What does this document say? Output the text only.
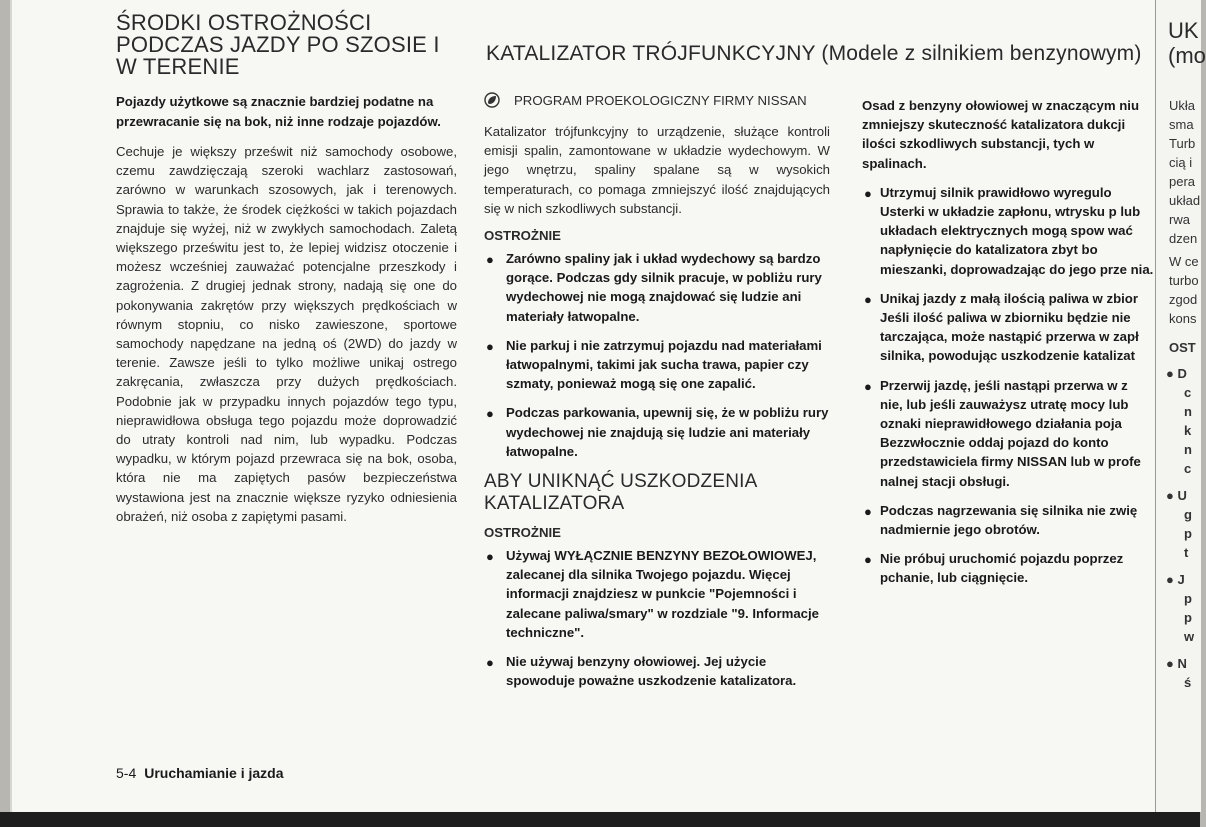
ŚRODKI OSTROŻNOŚCI PODCZAS JAZDY PO SZOSIE I W TERENIE

Pojazdy użytkowe są znacznie bardziej podatne na przewracanie się na bok, niż inne rodzaje pojazdów.

Cechuje je większy prześwit niż samochody osobowe, czemu zawdzięczają szeroki wachlarz zastosowań, zarówno w warunkach szosowych, jak i terenowych. Sprawia to także, że środek ciężkości w takich pojazdach znajduje się wyżej, niż w zwykłych samochodach. Zaletą większego prześwitu jest to, że lepiej widzisz otoczenie i możesz wcześniej zauważać potencjalne przeszkody i zagrożenia. Z drugiej jednak strony, nadają się one do pokonywania zakrętów przy większych prędkościach w równym stopniu, co nisko zawieszone, sportowe samochody napędzane na jedną oś (2WD) do jazdy w terenie. Zawsze jeśli to tylko możliwe unikaj ostrego zakręcania, zwłaszcza przy dużych prędkościach. Podobnie jak w przypadku innych pojazdów tego typu, nieprawidłowa obsługa tego pojazdu może doprowadzić do utraty kontroli nad nim, lub wypadku. Podczas wypadku, w którym pojazd przewraca się na bok, osoba, która nie ma zapiętych pasów bezpieczeństwa wystawiona jest na znacznie większe ryzyko odniesienia obrażeń, niż osoba z zapiętymi pasami.

KATALIZATOR TRÓJFUNKCYJNY (Modele z silnikiem benzynowym)
PROGRAM PROEKOLOGICZNY FIRMY NISSAN

Katalizator trójfunkcyjny to urządzenie, służące kontroli emisji spalin, zamontowane w układzie wydechowym. W jego wnętrzu, spaliny spalane są w wysokich temperaturach, co pomaga zmniejszyć ilość znajdujących się w nich szkodliwych substancji.

OSTROŻNIE
● Zarówno spaliny jak i układ wydechowy są bardzo gorące. Podczas gdy silnik pracuje, w pobliżu rury wydechowej nie mogą znajdować się ludzie ani materiały łatwopalne.
● Nie parkuj i nie zatrzymuj pojazdu nad materiałami łatwopalnymi, takimi jak sucha trawa, papier czy szmaty, ponieważ mogą się one zapalić.
● Podczas parkowania, upewnij się, że w pobliżu rury wydechowej nie znajdują się ludzie ani materiały łatwopalne.
ABY UNIKNĄĆ USZKODZENIA KATALIZATORA
OSTROŻNIE
● Używaj WYŁĄCZNIE BENZYNY BEZOŁOWIOWEJ, zalecanej dla silnika Twojego pojazdu. Więcej informacji znajdziesz w punkcie "Pojemności i zalecane paliwa/smary" w rozdziale "9. Informacje techniczne".
● Nie używaj benzyny ołowiowej. Jej użycie spowoduje poważne uszkodzenie katalizatora.
Osad z benzyny ołowiowej w znaczącym niu zmniejszy skuteczność katalizatora dukcji ilości szkodliwych substancji, tych w spalinach.
● Utrzymuj silnik prawidłowo wyregulo Usterki w układzie zapłonu, wtrysku p lub układach elektrycznych mogą spow wać napłynięcie do katalizatora zbyt bo mieszanki, doprowadzając do jego prze nia.
● Unikaj jazdy z małą ilością paliwa w zbior Jeśli ilość paliwa w zbiorniku będzie nie tarczająca, może nastąpić przerwa w zapł silnika, powodując uszkodzenie katalizat
● Przerwij jazdę, jeśli nastąpi przerwa w z nie, lub jeśli zauważysz utratę mocy lub oznaki nieprawidłowego działania poja Bezzwłocznie oddaj pojazd do konto przedstawiciela firmy NISSAN lub w profe nalnej stacji obsługi.
● Podczas nagrzewania się silnika nie zwię nadmiernie jego obrotów.
● Nie próbuj uruchomić pojazdu poprzez pchanie, lub ciągnięcie.
5-4 Uruchamianie i jazda
UK
(mo
Ukła
sma
Turb
cią i
pera
układ
rwa
dzen
W ce
turbo
zgod
kons
OST
● D
c
n
k
n
c
● U
g
p
t
● J
p
p
w
● N
ś
